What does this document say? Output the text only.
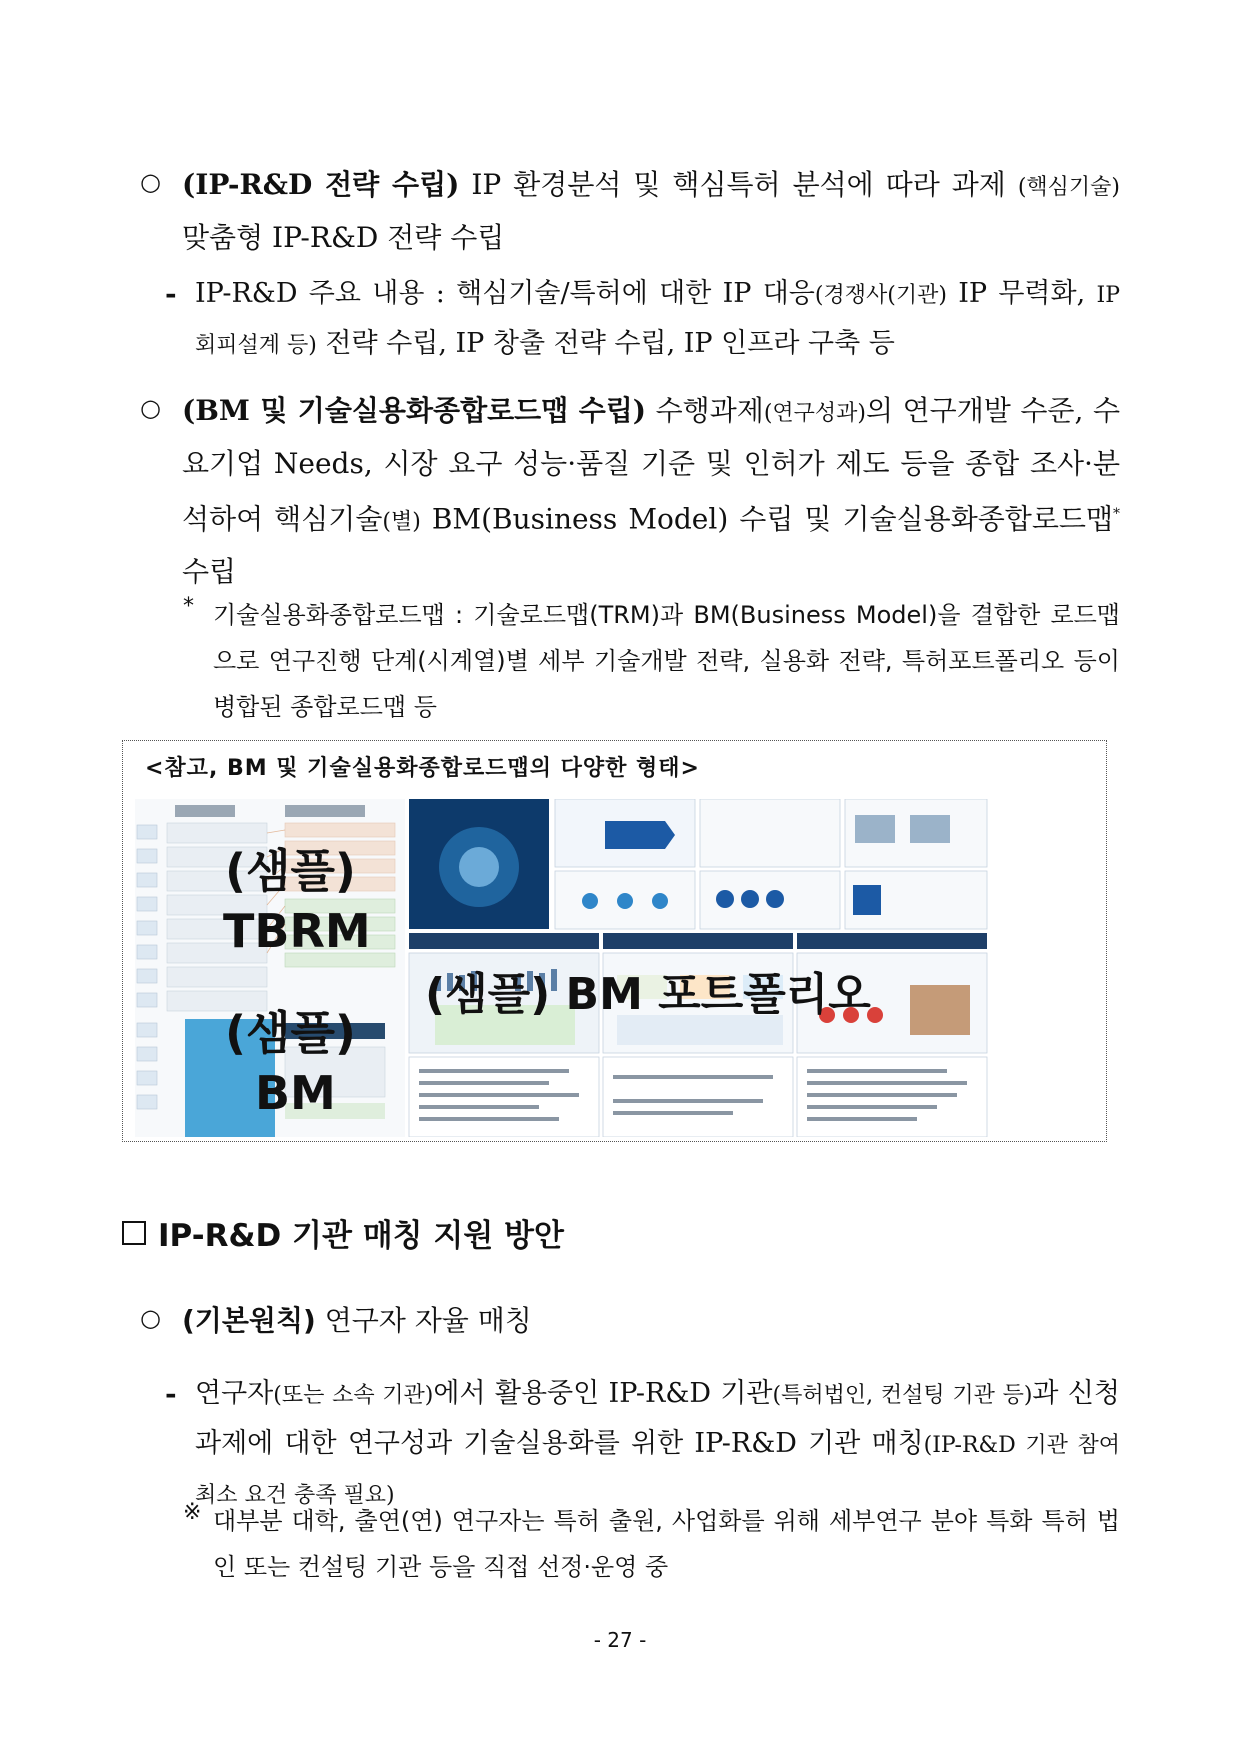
○ (IP-R&D 전략 수립) IP 환경분석 및 핵심특허 분석에 따라 과제 (핵심기술) 맞춤형 IP-R&D 전략 수립
- IP-R&D 주요 내용 : 핵심기술/특허에 대한 IP 대응(경쟁사(기관) IP 무력화, IP 회피설계 등) 전략 수립, IP 창출 전략 수립, IP 인프라 구축 등
○ (BM 및 기술실용화종합로드맵 수립) 수행과제(연구성과)의 연구개발 수준, 수요기업 Needs, 시장 요구 성능·품질 기준 및 인허가 제도 등을 종합 조사·분석하여 핵심기술(별) BM(Business Model) 수립 및 기술실용화종합로드맵* 수립
* 기술실용화종합로드맵 : 기술로드맵(TRM)과 BM(Business Model)을 결합한 로드맵으로 연구진행 단계(시계열)별 세부 기술개발 전략, 실용화 전략, 특허포트폴리오 등이 병합된 종합로드맵 등
<참고, BM 및 기술실용화종합로드맵의 다양한 형태>
(샘플)
TBRM
(샘플)
BM
(샘플) BM 포트폴리오
IP-R&D 기관 매칭 지원 방안
○ (기본원칙) 연구자 자율 매칭
- 연구자(또는 소속 기관)에서 활용중인 IP-R&D 기관(특허법인, 컨설팅 기관 등)과 신청과제에 대한 연구성과 기술실용화를 위한 IP-R&D 기관 매칭(IP-R&D 기관 참여 최소 요건 충족 필요)
※ 대부분 대학, 출연(연) 연구자는 특허 출원, 사업화를 위해 세부연구 분야 특화 특허 법인 또는 컨설팅 기관 등을 직접 선정·운영 중
- 27 -
